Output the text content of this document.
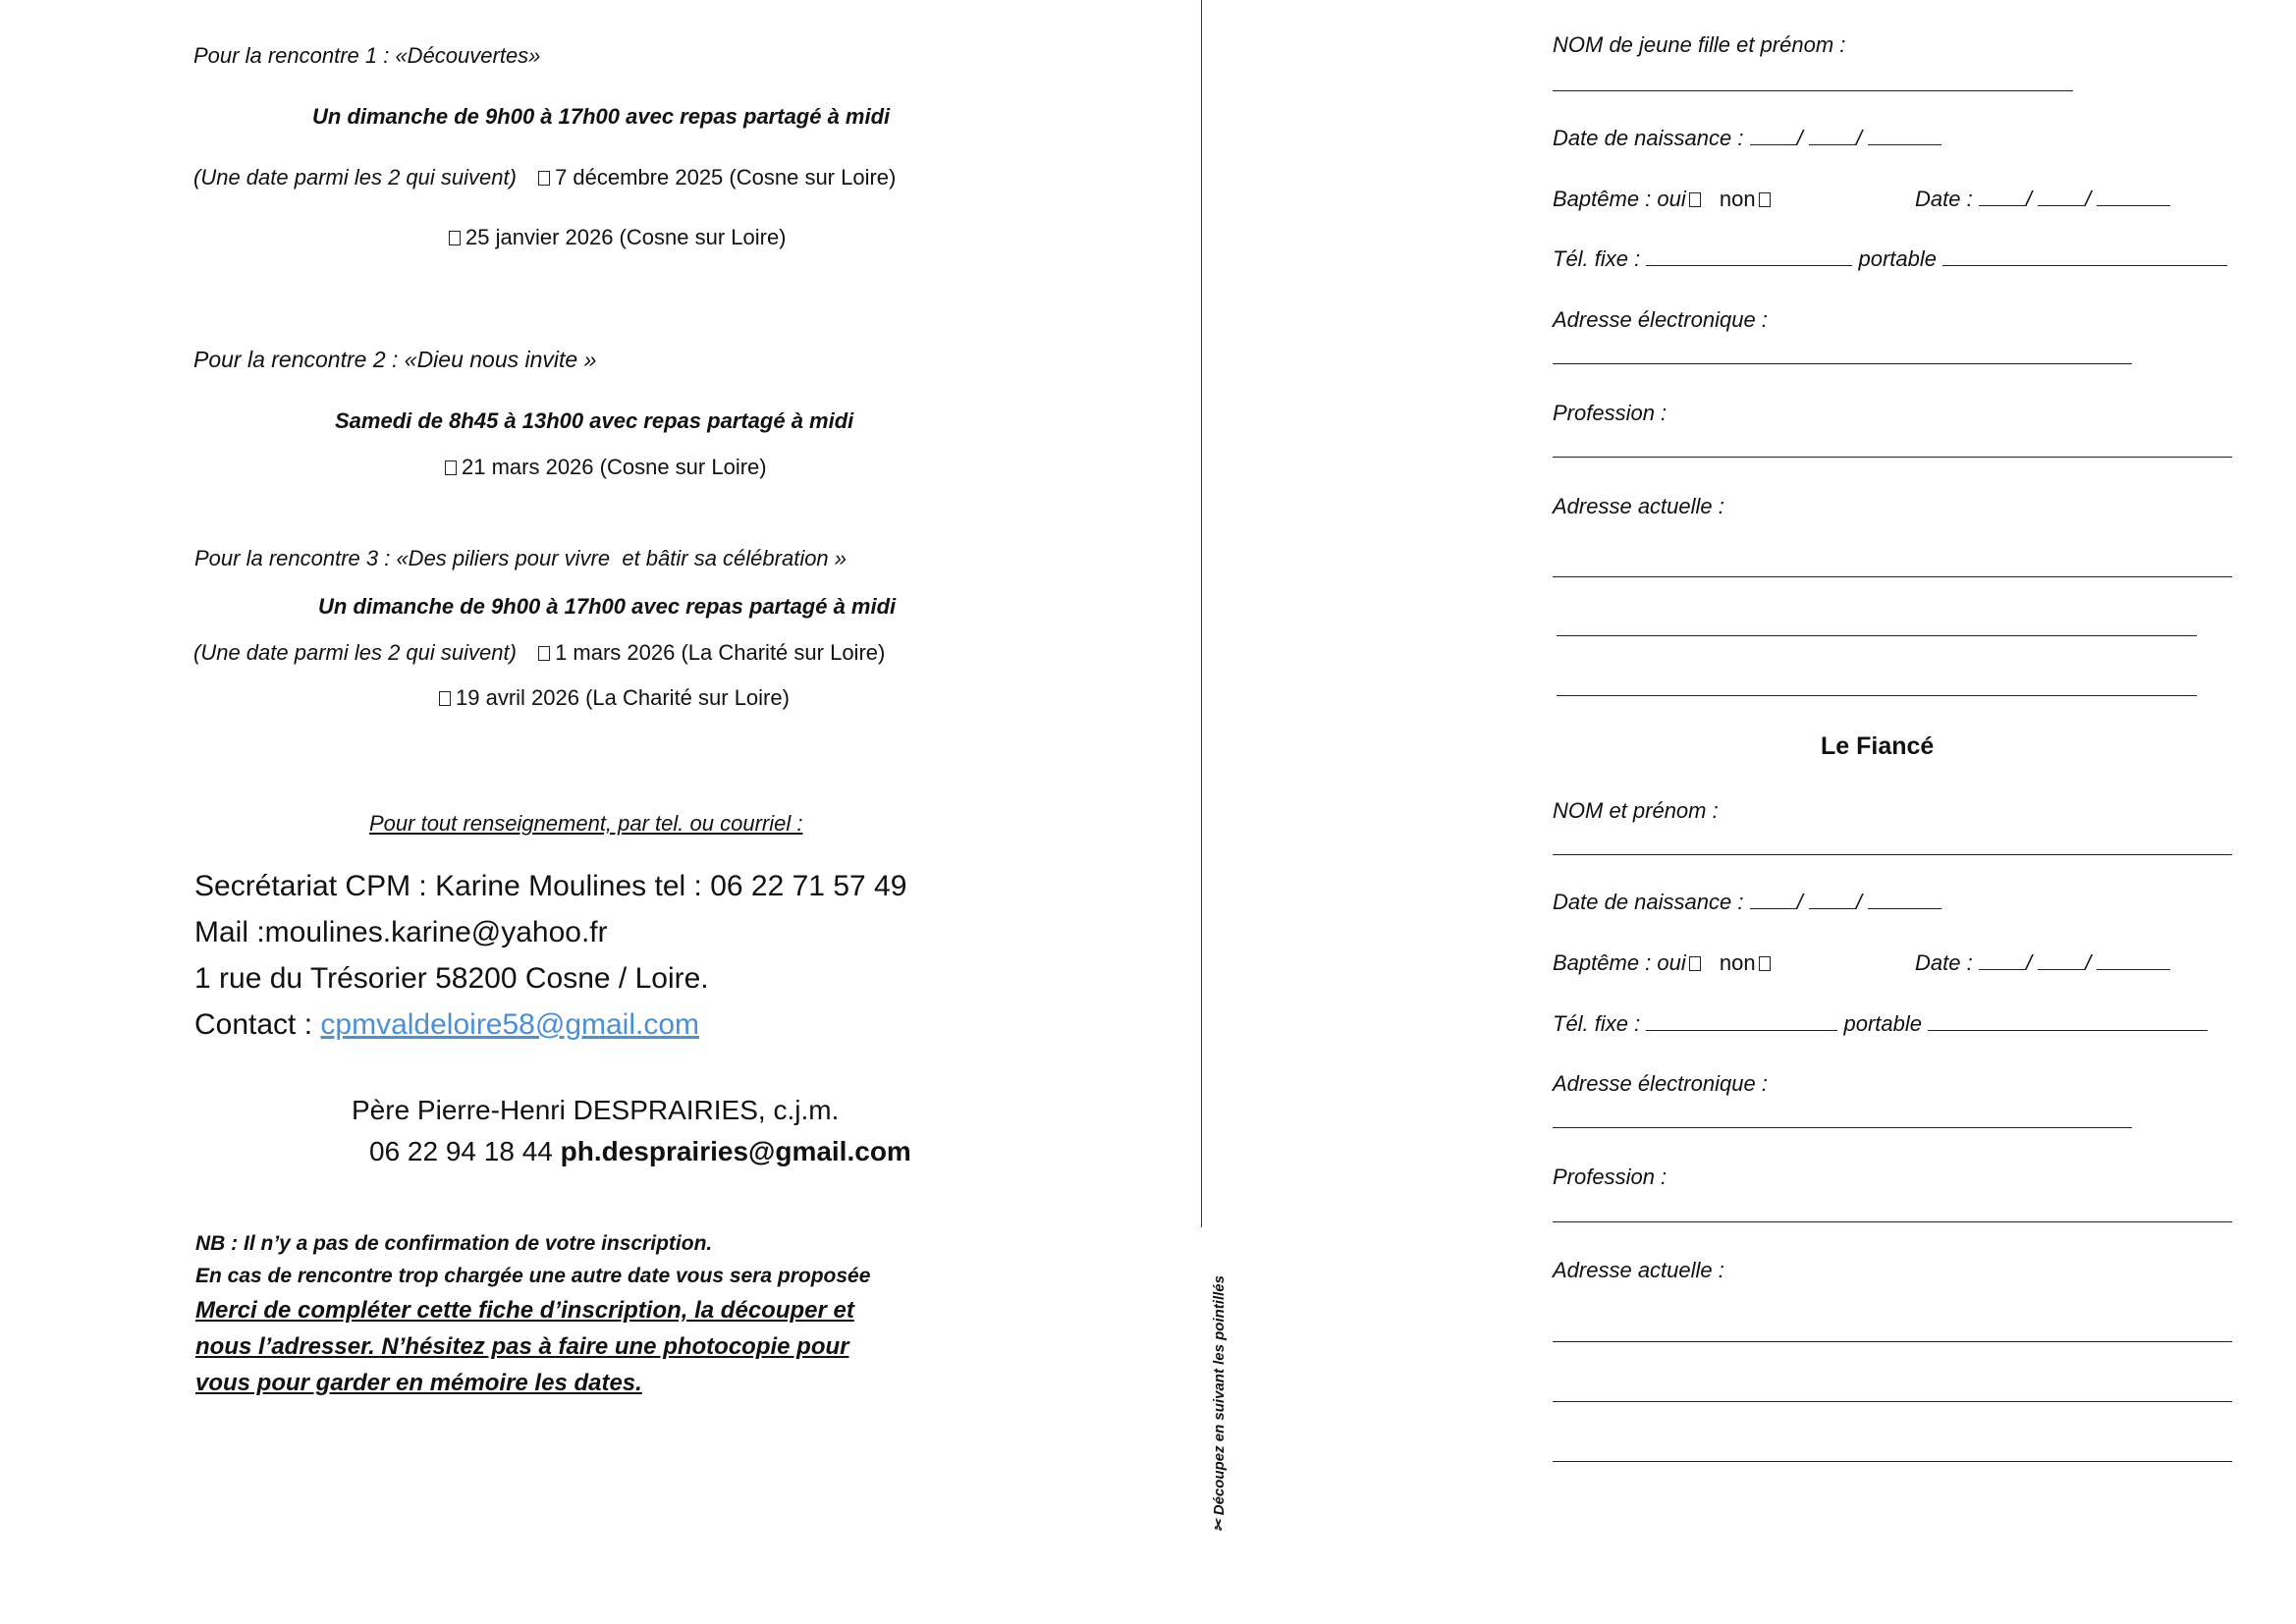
Pour la rencontre 1 : «Découvertes»
Un dimanche de 9h00 à 17h00 avec repas partagé à midi
(Une date parmi les 2 qui suivent) 7 décembre 2025 (Cosne sur Loire)
25 janvier 2026 (Cosne sur Loire)
Pour la rencontre 2 : «Dieu nous invite »
Samedi de 8h45 à 13h00 avec repas partagé à midi
21 mars 2026 (Cosne sur Loire)
Pour la rencontre 3 : «Des piliers pour vivre et bâtir sa célébration »
Un dimanche de 9h00 à 17h00 avec repas partagé à midi
(Une date parmi les 2 qui suivent) 1 mars 2026 (La Charité sur Loire)
19 avril 2026 (La Charité sur Loire)
Pour tout renseignement, par tel. ou courriel :
Secrétariat CPM : Karine Moulines tel : 06 22 71 57 49
Mail :moulines.karine@yahoo.fr
1 rue du Trésorier 58200 Cosne / Loire.
Contact : cpmvaldeloire58@gmail.com
Père Pierre-Henri DESPRAIRIES, c.j.m.
06 22 94 18 44 ph.desprairies@gmail.com
NB : Il n’y a pas de confirmation de votre inscription.
En cas de rencontre trop chargée une autre date vous sera proposée
Merci de compléter cette fiche d’inscription, la découper et
nous l’adresser. N’hésitez pas à faire une photocopie pour
vous pour garder en mémoire les dates.
✂ Découpez en suivant les pointillés
NOM de jeune fille et prénom :
Date de naissance : / /
Baptême : oui non	Date : / /
Tél. fixe :	portable
Adresse électronique :
Profession :
Adresse actuelle :
Le Fiancé
NOM et prénom :
Date de naissance : / /
Baptême : oui non	Date : / /
Tél. fixe :	portable
Adresse électronique :
Profession :
Adresse actuelle :
